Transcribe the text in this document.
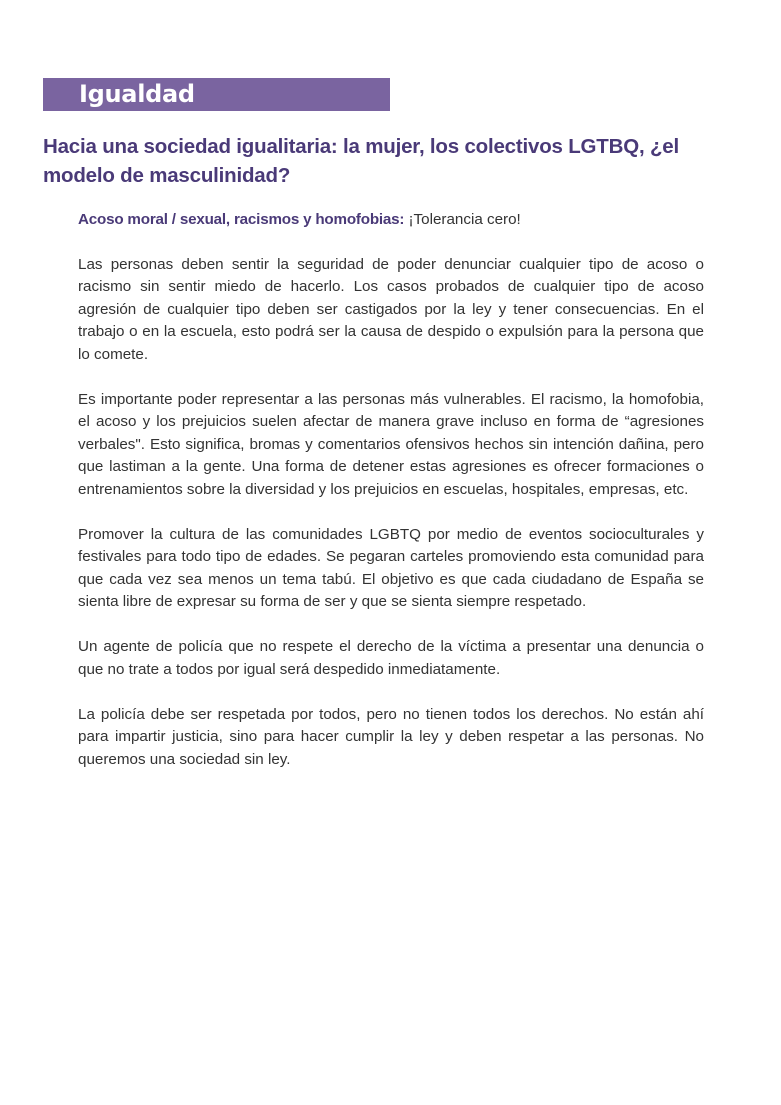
Igualdad
Hacia una sociedad igualitaria: la mujer, los colectivos LGTBQ, ¿el modelo de masculinidad?

Acoso moral / sexual, racismos y homofobias: ¡Tolerancia cero!

Las personas deben sentir la seguridad de poder denunciar cualquier tipo de acoso o racismo sin sentir miedo de hacerlo. Los casos probados de cualquier tipo de acoso agresión de cualquier tipo deben ser castigados por la ley y tener consecuencias. En el trabajo o en la escuela, esto podrá ser la causa de despido o expulsión para la persona que lo comete.

Es importante poder representar a las personas más vulnerables. El racismo, la homofobia, el acoso y los prejuicios suelen afectar de manera grave incluso en forma de “agresiones verbales". Esto significa, bromas y comentarios ofensivos hechos sin intención dañina, pero que lastiman a la gente. Una forma de detener estas agresiones es ofrecer formaciones o entrenamientos sobre la diversidad y los prejuicios en escuelas, hospitales, empresas, etc.

Promover la cultura de las comunidades LGBTQ por medio de eventos socioculturales y festivales para todo tipo de edades. Se pegaran carteles promoviendo esta comunidad para que cada vez sea menos un tema tabú. El objetivo es que cada ciudadano de España se sienta libre de expresar su forma de ser y que se sienta siempre respetado.

Un agente de policía que no respete el derecho de la víctima a presentar una denuncia o que no trate a todos por igual será despedido inmediatamente.

La policía debe ser respetada por todos, pero no tienen todos los derechos. No están ahí para impartir justicia, sino para hacer cumplir la ley y deben respetar a las personas. No queremos una sociedad sin ley.
